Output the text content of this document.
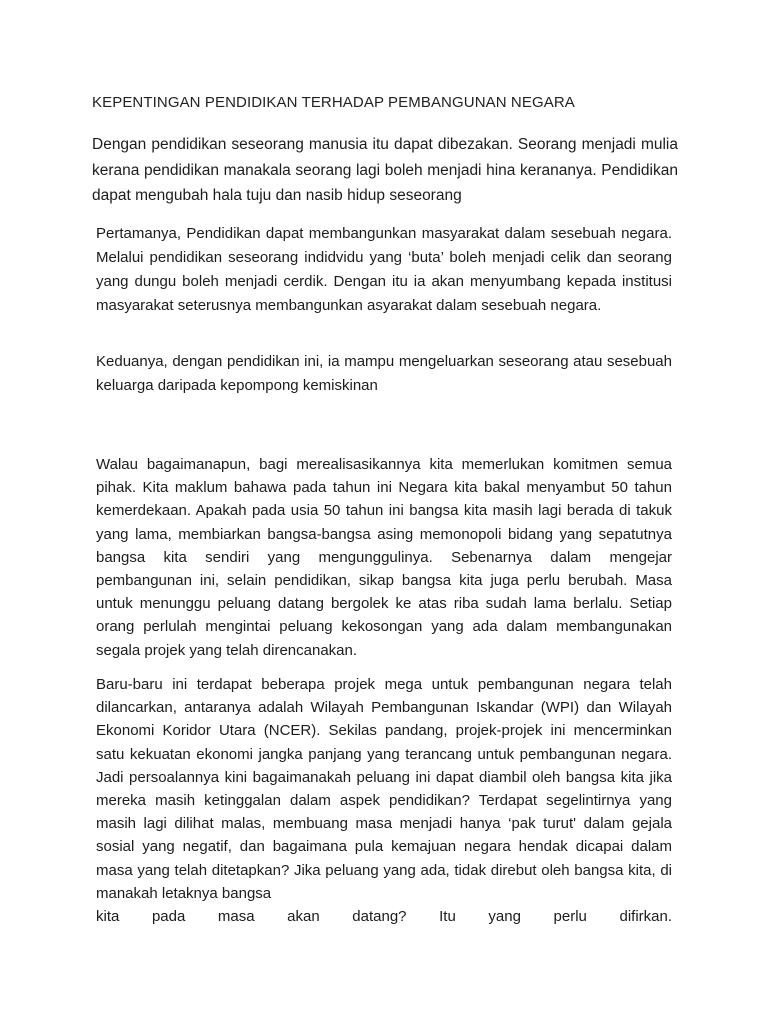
KEPENTINGAN PENDIDIKAN TERHADAP PEMBANGUNAN NEGARA

Dengan pendidikan seseorang manusia itu dapat dibezakan. Seorang menjadi mulia kerana pendidikan manakala seorang lagi boleh menjadi hina kerananya. Pendidikan dapat mengubah hala tuju dan nasib hidup seseorang

Pertamanya, Pendidikan dapat membangunkan masyarakat dalam sesebuah negara. Melalui pendidikan seseorang indidvidu yang ‘buta’ boleh menjadi celik dan seorang yang dungu boleh menjadi cerdik. Dengan itu ia akan menyumbang kepada institusi masyarakat seterusnya membangunkan asyarakat dalam sesebuah negara.

Keduanya, dengan pendidikan ini, ia mampu mengeluarkan seseorang atau sesebuah keluarga daripada kepompong kemiskinan

Walau bagaimanapun, bagi merealisasikannya kita memerlukan komitmen semua pihak. Kita maklum bahawa pada tahun ini Negara kita bakal menyambut 50 tahun kemerdekaan. Apakah pada usia 50 tahun ini bangsa kita masih lagi berada di takuk yang lama, membiarkan bangsa-bangsa asing memonopoli bidang yang sepatutnya bangsa kita sendiri yang mengunggulinya. Sebenarnya dalam mengejar pembangunan ini, selain pendidikan, sikap bangsa kita juga perlu berubah. Masa untuk menunggu peluang datang bergolek ke atas riba sudah lama berlalu. Setiap orang perlulah mengintai peluang kekosongan yang ada dalam membangunakan segala projek yang telah direncanakan.

Baru-baru ini terdapat beberapa projek mega untuk pembangunan negara telah dilancarkan, antaranya adalah Wilayah Pembangunan Iskandar (WPI) dan Wilayah Ekonomi Koridor Utara (NCER). Sekilas pandang, projek-projek ini mencerminkan satu kekuatan ekonomi jangka panjang yang terancang untuk pembangunan negara. Jadi persoalannya kini bagaimanakah peluang ini dapat diambil oleh bangsa kita jika mereka masih ketinggalan dalam aspek pendidikan? Terdapat segelintirnya yang masih lagi dilihat malas, membuang masa menjadi hanya ‘pak turut' dalam gejala sosial yang negatif, dan bagaimana pula kemajuan negara hendak dicapai dalam masa yang telah ditetapkan? Jika peluang yang ada, tidak direbut oleh bangsa kita, di manakah letaknya bangsa
kita pada masa akan datang? Itu yang perlu difirkan.
